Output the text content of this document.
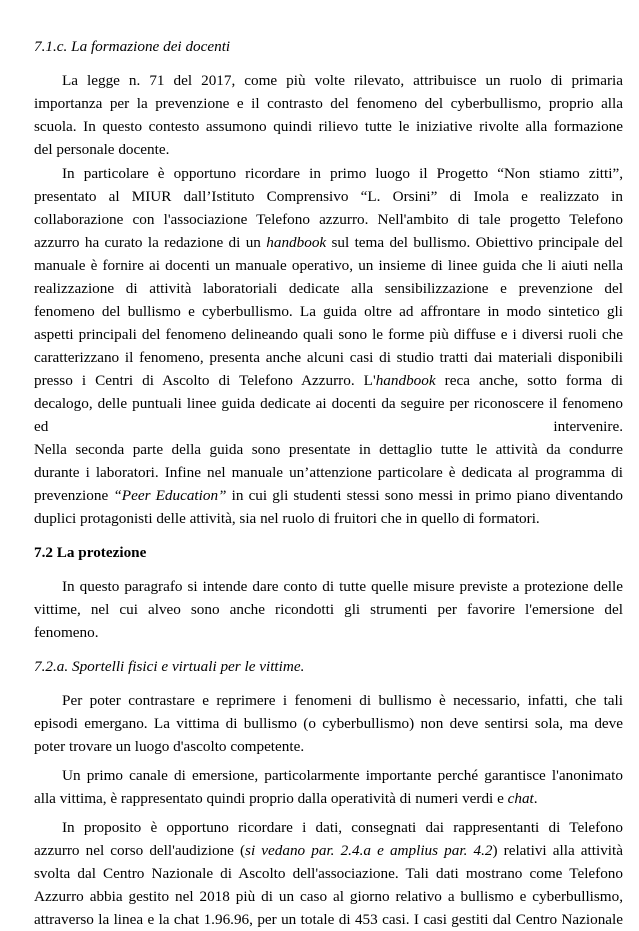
7.1.c. La formazione dei docenti
La legge n. 71 del 2017, come più volte rilevato, attribuisce un ruolo di primaria
importanza per la prevenzione e il contrasto del fenomeno del cyberbullismo, proprio alla
scuola. In questo contesto assumono quindi rilievo tutte le iniziative rivolte alla formazione
del personale docente.
In particolare è opportuno ricordare in primo luogo il Progetto “Non stiamo zitti”,
presentato al MIUR dall’Istituto Comprensivo “L. Orsini” di Imola e realizzato in
collaborazione con l'associazione Telefono azzurro. Nell'ambito di tale progetto Telefono
azzurro ha curato la redazione di un handbook sul tema del bullismo. Obiettivo principale del
manuale è fornire ai docenti un manuale operativo, un insieme di linee guida che li aiuti nella
realizzazione di attività laboratoriali dedicate alla sensibilizzazione e prevenzione del
fenomeno del bullismo e cyberbullismo. La guida oltre ad affrontare in modo sintetico gli
aspetti principali del fenomeno delineando quali sono le forme più diffuse e i diversi ruoli che
caratterizzano il fenomeno, presenta anche alcuni casi di studio tratti dai materiali disponibili
presso i Centri di Ascolto di Telefono Azzurro. L'handbook reca anche, sotto forma di
decalogo, delle puntuali linee guida dedicate ai docenti da seguire per riconoscere il fenomeno
ed intervenire.
Nella seconda parte della guida sono presentate in dettaglio tutte le attività da condurre
durante i laboratori. Infine nel manuale un’attenzione particolare è dedicata al programma di
prevenzione “Peer Education” in cui gli studenti stessi sono messi in primo piano diventando
duplici protagonisti delle attività, sia nel ruolo di fruitori che in quello di formatori.
7.2 La protezione
In questo paragrafo si intende dare conto di tutte quelle misure previste a protezione delle
vittime, nel cui alveo sono anche ricondotti gli strumenti per favorire l'emersione del
fenomeno.
7.2.a. Sportelli fisici e virtuali per le vittime.
Per poter contrastare e reprimere i fenomeni di bullismo è necessario, infatti, che tali
episodi emergano. La vittima di bullismo (o cyberbullismo) non deve sentirsi sola, ma deve
poter trovare un luogo d'ascolto competente.
Un primo canale di emersione, particolarmente importante perché garantisce l'anonimato
alla vittima, è rappresentato quindi proprio dalla operatività di numeri verdi e chat.
In proposito è opportuno ricordare i dati, consegnati dai rappresentanti di Telefono
azzurro nel corso dell'audizione (si vedano par. 2.4.a e amplius par. 4.2) relativi alla attività
svolta dal Centro Nazionale di Ascolto dell'associazione. Tali dati mostrano come Telefono
Azzurro abbia gestito nel 2018 più di un caso al giorno relativo a bullismo e cyberbullismo,
attraverso la linea e la chat 1.96.96, per un totale di 453 casi. I casi gestiti dal Centro Nazionale
